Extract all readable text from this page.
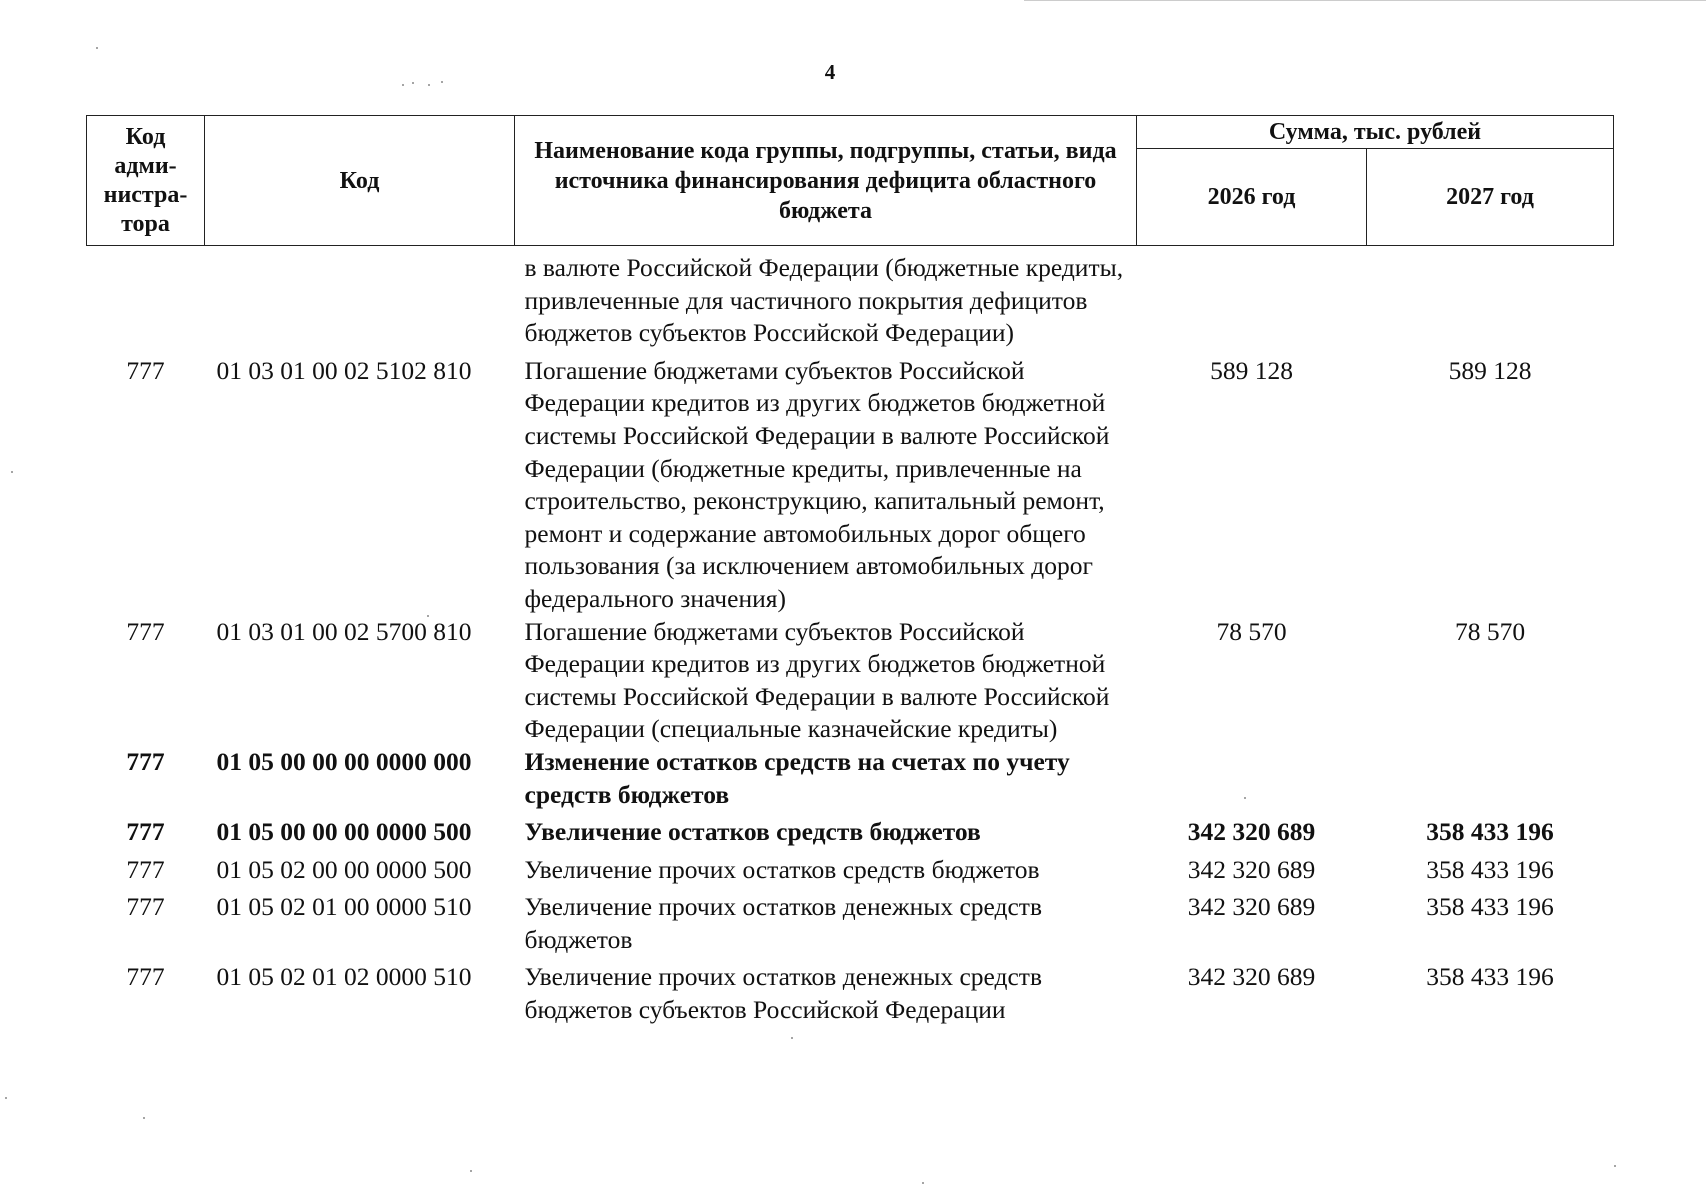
4
Код
адми-
нистра-
тора	Код	Наименование кода группы, подгруппы, статьи, вида источника финансирования дефицита областного бюджета	Сумма, тыс. рублей	
			2026 год	2027 год
		в валюте Российской Федерации (бюджетные кредиты, привлеченные для частичного покрытия дефицитов бюджетов субъектов Российской Федерации)		
777	01 03 01 00 02 5102 810	Погашение бюджетами субъектов Российской Федерации кредитов из других бюджетов бюджетной системы Российской Федерации в валюте Российской Федерации (бюджетные кредиты, привлеченные на строительство, реконструкцию, капитальный ремонт, ремонт и содержание автомобильных дорог общего пользования (за исключением автомобильных дорог федерального значения)	589 128	589 128
777	01 03 01 00 02 5700 810	Погашение бюджетами субъектов Российской Федерации кредитов из других бюджетов бюджетной системы Российской Федерации в валюте Российской Федерации (специальные казначейские кредиты)	78 570	78 570
777	01 05 00 00 00 0000 000	Изменение остатков средств на счетах по учету средств бюджетов		
777	01 05 00 00 00 0000 500	Увеличение остатков средств бюджетов	342 320 689	358 433 196
777	01 05 02 00 00 0000 500	Увеличение прочих остатков средств бюджетов	342 320 689	358 433 196
777	01 05 02 01 00 0000 510	Увеличение прочих остатков денежных средств бюджетов	342 320 689	358 433 196
777	01 05 02 01 02 0000 510	Увеличение прочих остатков денежных средств бюджетов субъектов Российской Федерации	342 320 689	358 433 196
